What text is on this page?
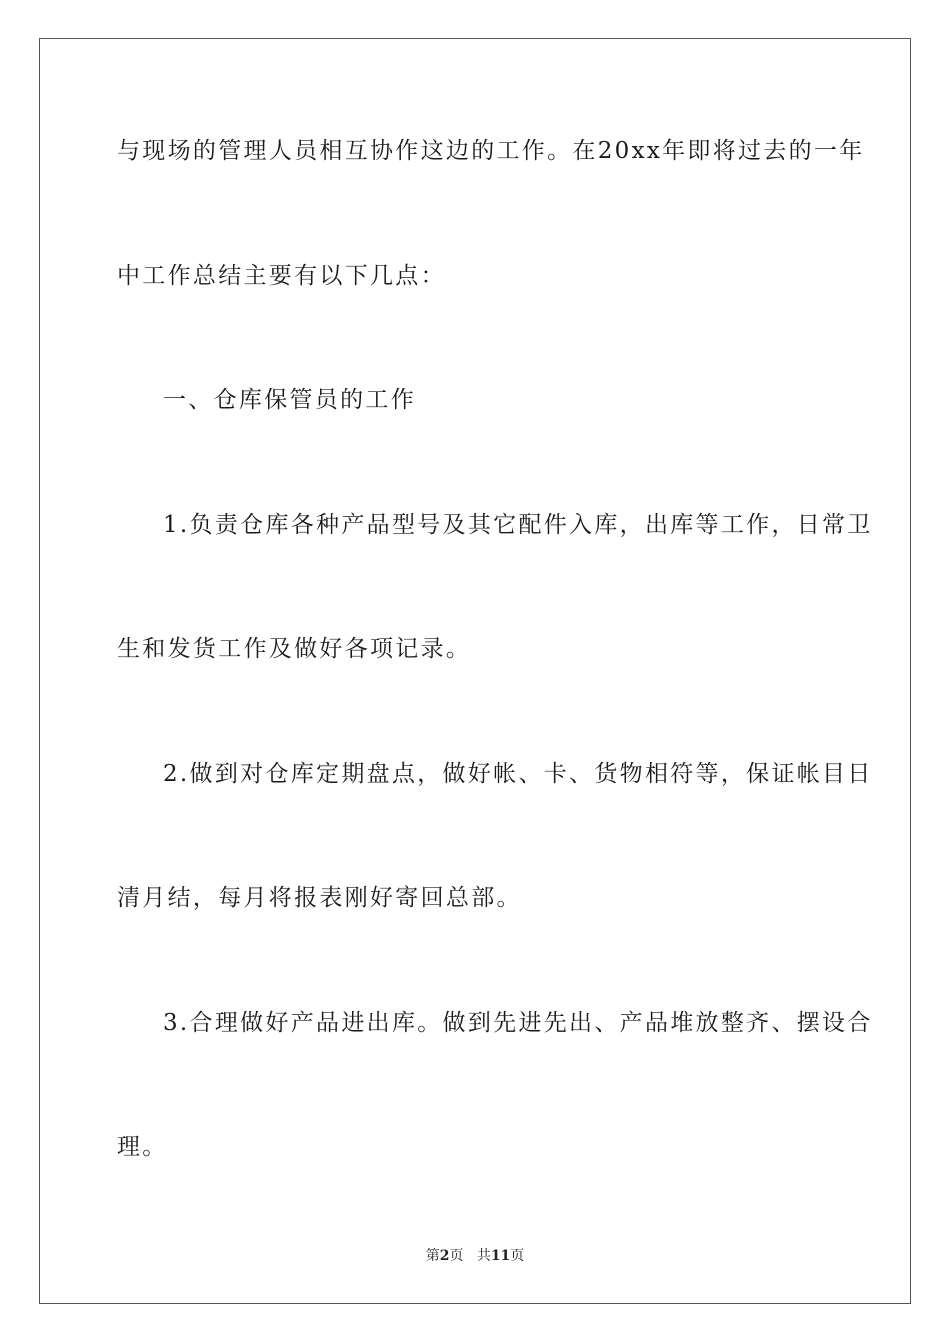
与现场的管理人员相互协作这边的工作。在20xx年即将过去的一年
中工作总结主要有以下几点：
一、仓库保管员的工作
1.负责仓库各种产品型号及其它配件入库，出库等工作，日常卫
生和发货工作及做好各项记录。
2.做到对仓库定期盘点，做好帐、卡、货物相符等，保证帐目日
清月结，每月将报表刚好寄回总部。
3.合理做好产品进出库。做到先进先出、产品堆放整齐、摆设合
理。
第2页 共11页
